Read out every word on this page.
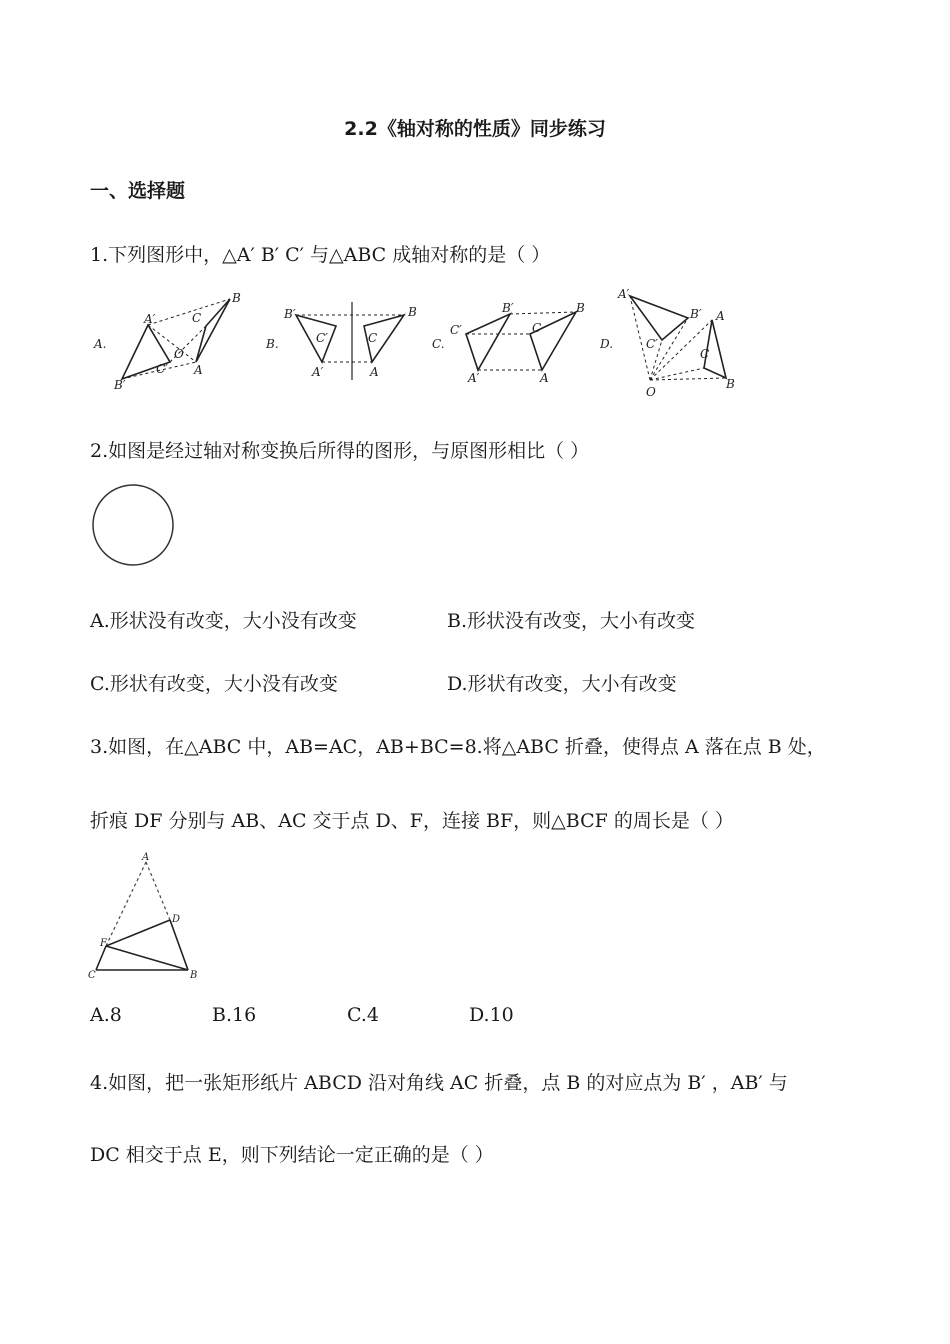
2.2《轴对称的性质》同步练习
一、选择题
1.下列图形中，△A′ B′ C′ 与△ABC 成轴对称的是（ ）
A.
A′
B′
C′
B
C
A
O
B.
B′
C′
A′
B
C
A
C.
C′
B′
A′
B
C
A
D.
A′
B′
C′
A
C
B
O
2.如图是经过轴对称变换后所得的图形，与原图形相比（ ）
A.形状没有改变，大小没有改变	B.形状没有改变，大小有改变
C.形状有改变，大小没有改变	D.形状有改变，大小有改变
3.如图，在△ABC 中，AB=AC，AB+BC=8.将△ABC 折叠，使得点 A 落在点 B 处，
折痕 DF 分别与 AB、AC 交于点 D、F，连接 BF，则△BCF 的周长是（ ）
A
D
F
C	B
A.8	B.16	C.4	D.10
4.如图，把一张矩形纸片 ABCD 沿对角线 AC 折叠，点 B 的对应点为 B′ ，AB′ 与
DC 相交于点 E，则下列结论一定正确的是（ ）
